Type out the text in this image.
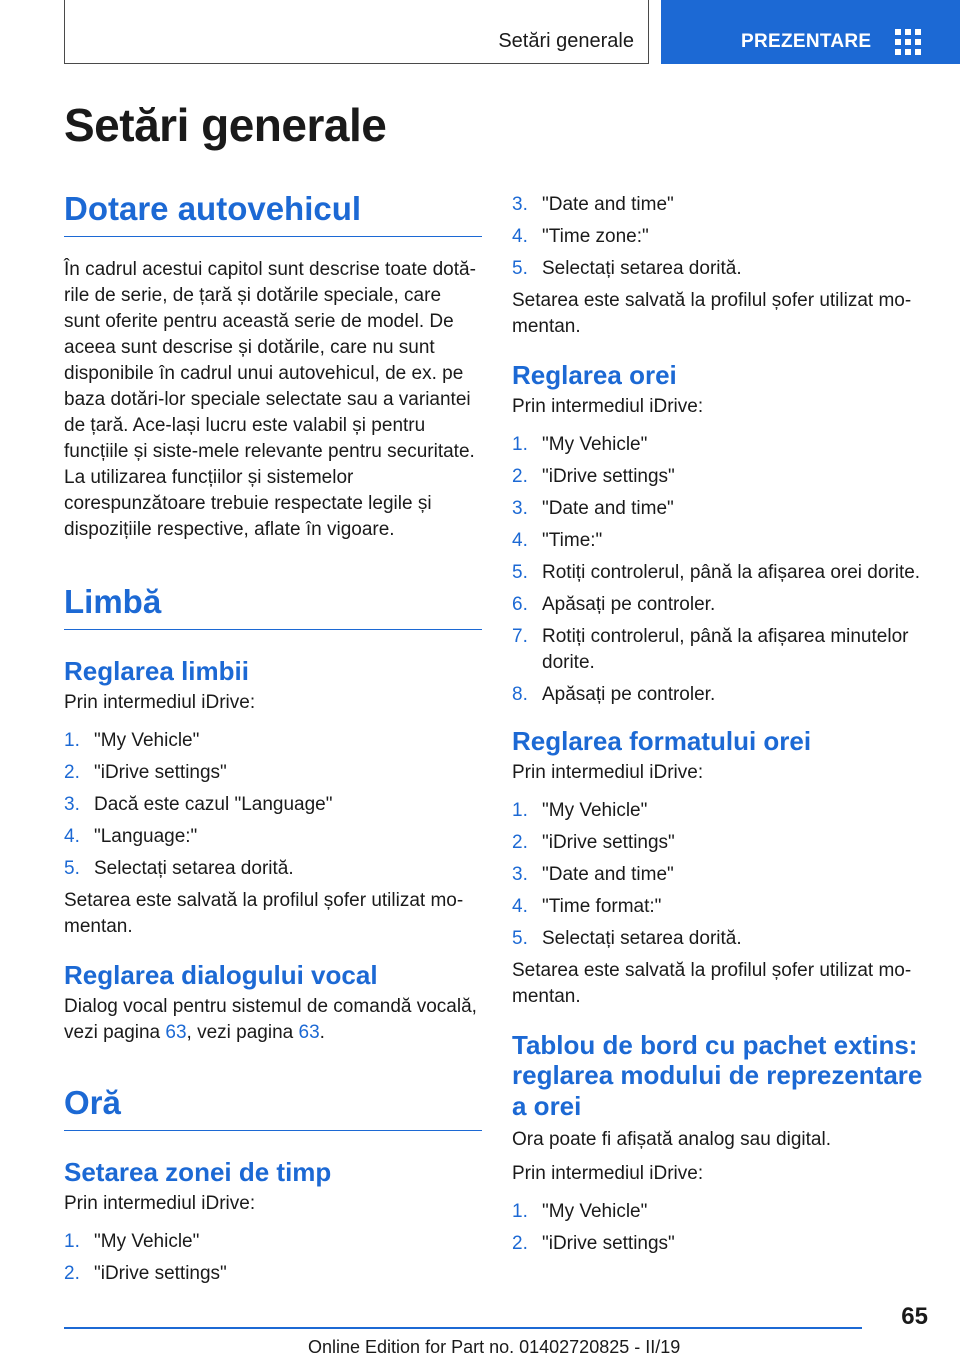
Setări generale	PREZENTARE
Setări generale
Dotare autovehicul

În cadrul acestui capitol sunt descrise toate dotă-rile de serie, de țară și dotările speciale, care sunt oferite pentru această serie de model. De aceea sunt descrise și dotările, care nu sunt disponibile în cadrul unui autovehicul, de ex. pe baza dotări-lor speciale selectate sau a variantei de țară. Ace-lași lucru este valabil și pentru funcțiile și siste-mele relevante pentru securitate. La utilizarea funcțiilor și sistemelor corespunzătoare trebuie respectate legile și dispozițiile respective, aflate în vigoare.

Limbă
Reglarea limbii

Prin intermediul iDrive:

1. "My Vehicle"
2. "iDrive settings"
3. Dacă este cazul "Language"
4. "Language:"
5. Selectați setarea dorită.

Setarea este salvată la profilul șofer utilizat mo-mentan.

Reglarea dialogului vocal

Dialog vocal pentru sistemul de comandă vocală, vezi pagina 63, vezi pagina 63.

Oră
Setarea zonei de timp

Prin intermediul iDrive:

1. "My Vehicle"
2. "iDrive settings"
3. "Date and time"
4. "Time zone:"
5. Selectați setarea dorită.

Setarea este salvată la profilul șofer utilizat mo-mentan.

Reglarea orei

Prin intermediul iDrive:

1. "My Vehicle"
2. "iDrive settings"
3. "Date and time"
4. "Time:"
5. Rotiți controlerul, până la afișarea orei dorite.
6. Apăsați pe controler.
7. Rotiți controlerul, până la afișarea minutelor dorite.
8. Apăsați pe controler.
Reglarea formatului orei

Prin intermediul iDrive:

1. "My Vehicle"
2. "iDrive settings"
3. "Date and time"
4. "Time format:"
5. Selectați setarea dorită.

Setarea este salvată la profilul șofer utilizat mo-mentan.

Tablou de bord cu pachet extins: reglarea modului de reprezentare a orei

Ora poate fi afișată analog sau digital.

Prin intermediul iDrive:

1. "My Vehicle"
2. "iDrive settings"
65
Online Edition for Part no. 01402720825 - II/19
